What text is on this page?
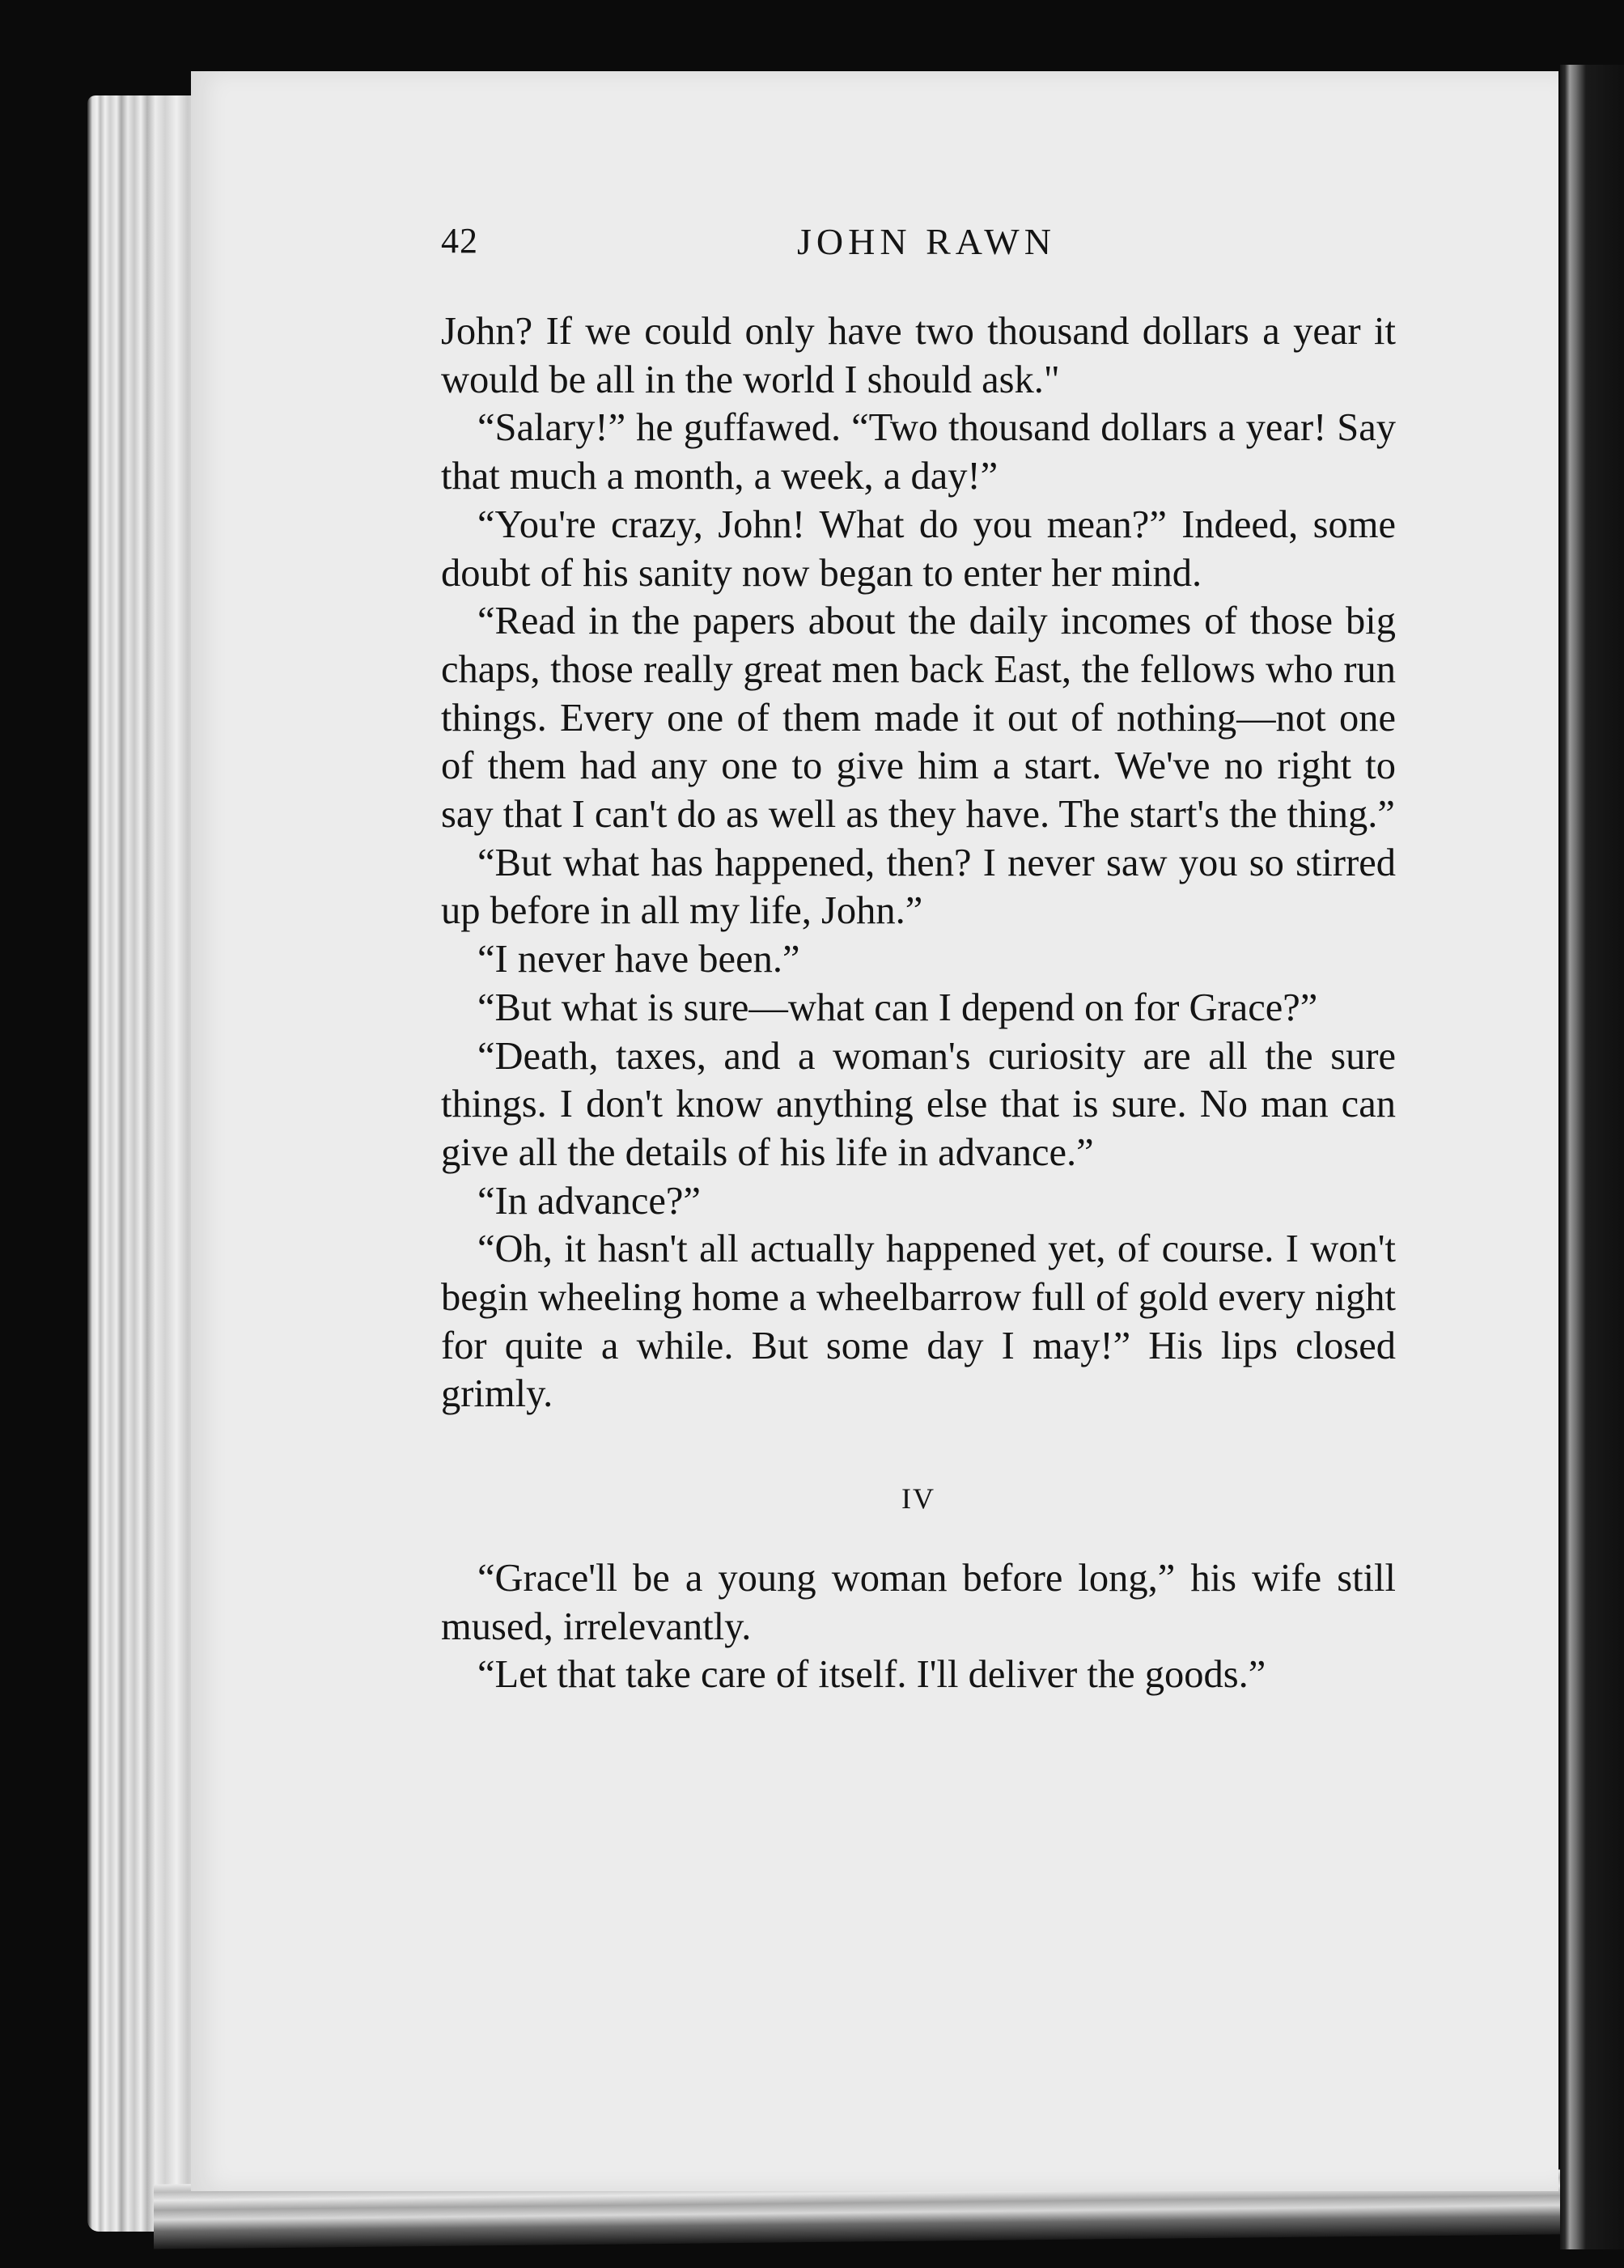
42	JOHN RAWN

John? If we could only have two thousand dollars a year it would be all in the world I should ask."

“Salary!” he guffawed. “Two thousand dollars a year! Say that much a month, a week, a day!”

“You're crazy, John! What do you mean?” Indeed, some doubt of his sanity now began to enter her mind.

“Read in the papers about the daily incomes of those big chaps, those really great men back East, the fellows who run things. Every one of them made it out of nothing—not one of them had any one to give him a start. We've no right to say that I can't do as well as they have. The start's the thing.”

“But what has happened, then? I never saw you so stirred up before in all my life, John.”

“I never have been.”

“But what is sure—what can I depend on for Grace?”

“Death, taxes, and a woman's curiosity are all the sure things. I don't know anything else that is sure. No man can give all the details of his life in advance.”

“In advance?”

“Oh, it hasn't all actually happened yet, of course. I won't begin wheeling home a wheelbarrow full of gold every night for quite a while. But some day I may!” His lips closed grimly.

IV

“Grace'll be a young woman before long,” his wife still mused, irrelevantly.

“Let that take care of itself. I'll deliver the goods.”
